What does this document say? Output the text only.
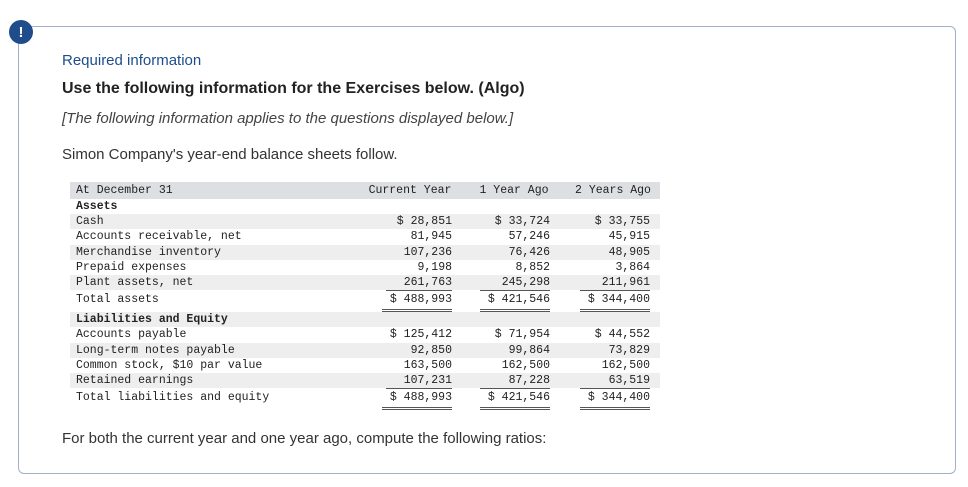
!
Required information
Use the following information for the Exercises below. (Algo)
[The following information applies to the questions displayed below.]
Simon Company's year-end balance sheets follow.
At December 31	Current Year	1 Year Ago	2 Years Ago
Assets
Cash	$ 28,851	$ 33,724	$ 33,755
Accounts receivable, net	81,945	57,246	45,915
Merchandise inventory	107,236	76,426	48,905
Prepaid expenses	9,198	8,852	3,864
Plant assets, net	261,763	245,298	211,961
Total assets	$ 488,993	$ 421,546	$ 344,400
Liabilities and Equity
Accounts payable	$ 125,412	$ 71,954	$ 44,552
Long-term notes payable	92,850	99,864	73,829
Common stock, $10 par value	163,500	162,500	162,500
Retained earnings	107,231	87,228	63,519
Total liabilities and equity	$ 488,993	$ 421,546	$ 344,400
For both the current year and one year ago, compute the following ratios:
